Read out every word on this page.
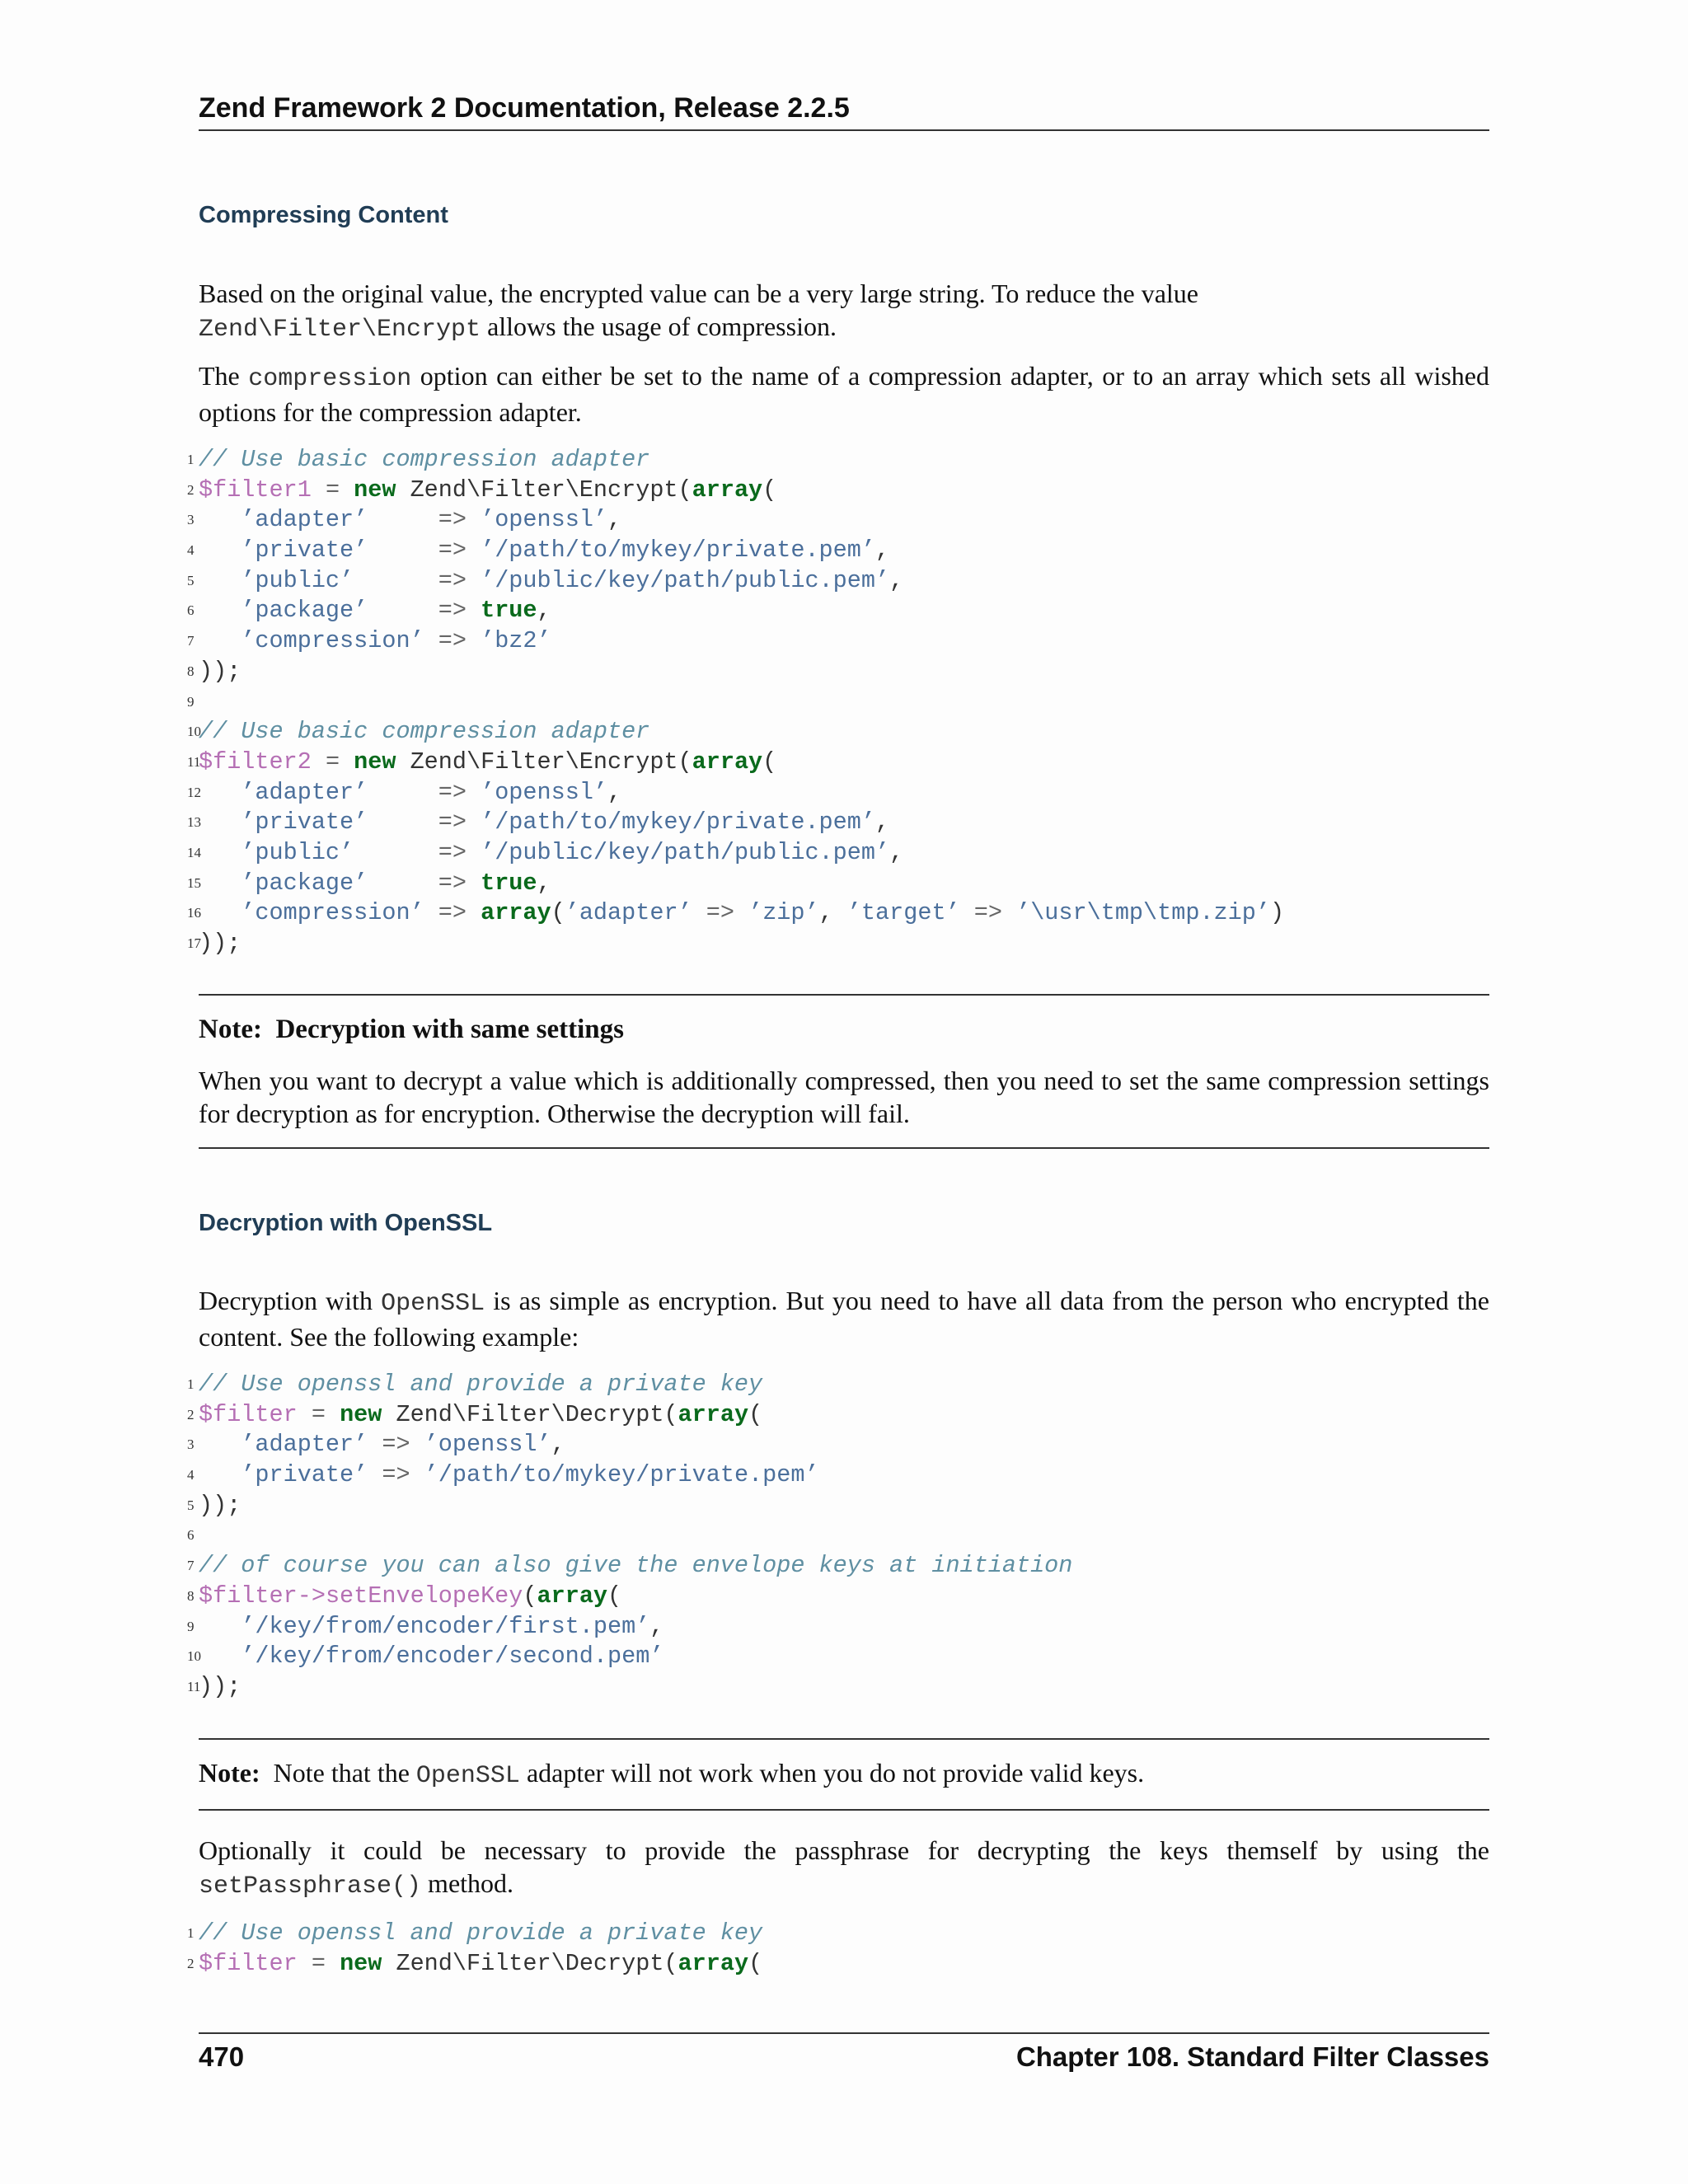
Zend Framework 2 Documentation, Release 2.2.5
Compressing Content
Based on the original value, the encrypted value can be a very large string. To reduce the value
Zend\Filter\Encrypt allows the usage of compression.
The compression option can either be set to the name of a compression adapter, or to an array which sets all wished options for the compression adapter.
1 // Use basic compression adapter
2 $filter1 = new Zend\Filter\Encrypt(array(
3	’adapter’	=> ’openssl’,
4	’private’	=> ’/path/to/mykey/private.pem’,
5	’public’	=> ’/public/key/path/public.pem’,
6	’package’	=> true,
7	’compression’ => ’bz2’
8 ));
9
10
// Use basic compression adapter
11
$filter2 = new Zend\Filter\Encrypt(array(
12	’adapter’	=> ’openssl’,
13	’private’	=> ’/path/to/mykey/private.pem’,
14	’public’	=> ’/public/key/path/public.pem’,
15	’package’	=> true,
16	’compression’ => array(’adapter’ => ’zip’, ’target’ => ’\usr\tmp\tmp.zip’)
17
));
Note: Decryption with same settings
When you want to decrypt a value which is additionally compressed, then you need to set the same compression settings for decryption as for encryption. Otherwise the decryption will fail.
Decryption with OpenSSL
Decryption with OpenSSL is as simple as encryption. But you need to have all data from the person who encrypted the content. See the following example:
1 // Use openssl and provide a private key
2 $filter = new Zend\Filter\Decrypt(array(
3	’adapter’ => ’openssl’,
4	’private’ => ’/path/to/mykey/private.pem’
5 ));
6
7 // of course you can also give the envelope keys at initiation
8 $filter->setEnvelopeKey(array(
9	’/key/from/encoder/first.pem’,
10	’/key/from/encoder/second.pem’
11
));
Note: Note that the OpenSSL adapter will not work when you do not provide valid keys.
Optionally it could be necessary to provide the passphrase for decrypting the keys themself by using the setPassphrase() method.
1 // Use openssl and provide a private key
2 $filter = new Zend\Filter\Decrypt(array(
470	Chapter 108. Standard Filter Classes
